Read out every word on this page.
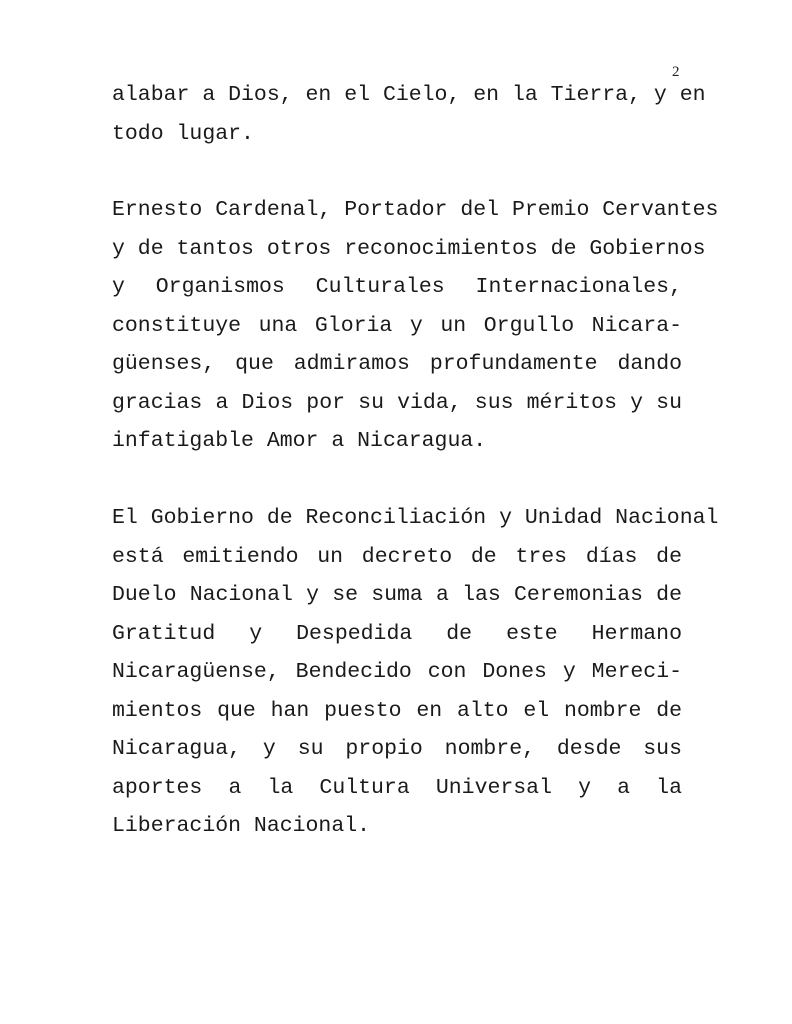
2
alabar a Dios, en el Cielo, en la Tierra, y en
todo lugar.
Ernesto Cardenal, Portador del Premio Cervantes
y de tantos otros reconocimientos de Gobiernos
y Organismos Culturales Internacionales,
constituye una Gloria y un Orgullo Nicara-
güenses, que admiramos profundamente dando
gracias a Dios por su vida, sus méritos y su
infatigable Amor a Nicaragua.
El Gobierno de Reconciliación y Unidad Nacional
está emitiendo un decreto de tres días de
Duelo Nacional y se suma a las Ceremonias de
Gratitud y Despedida de este Hermano
Nicaragüense, Bendecido con Dones y Mereci-
mientos que han puesto en alto el nombre de
Nicaragua, y su propio nombre, desde sus
aportes a la Cultura Universal y a la
Liberación Nacional.
